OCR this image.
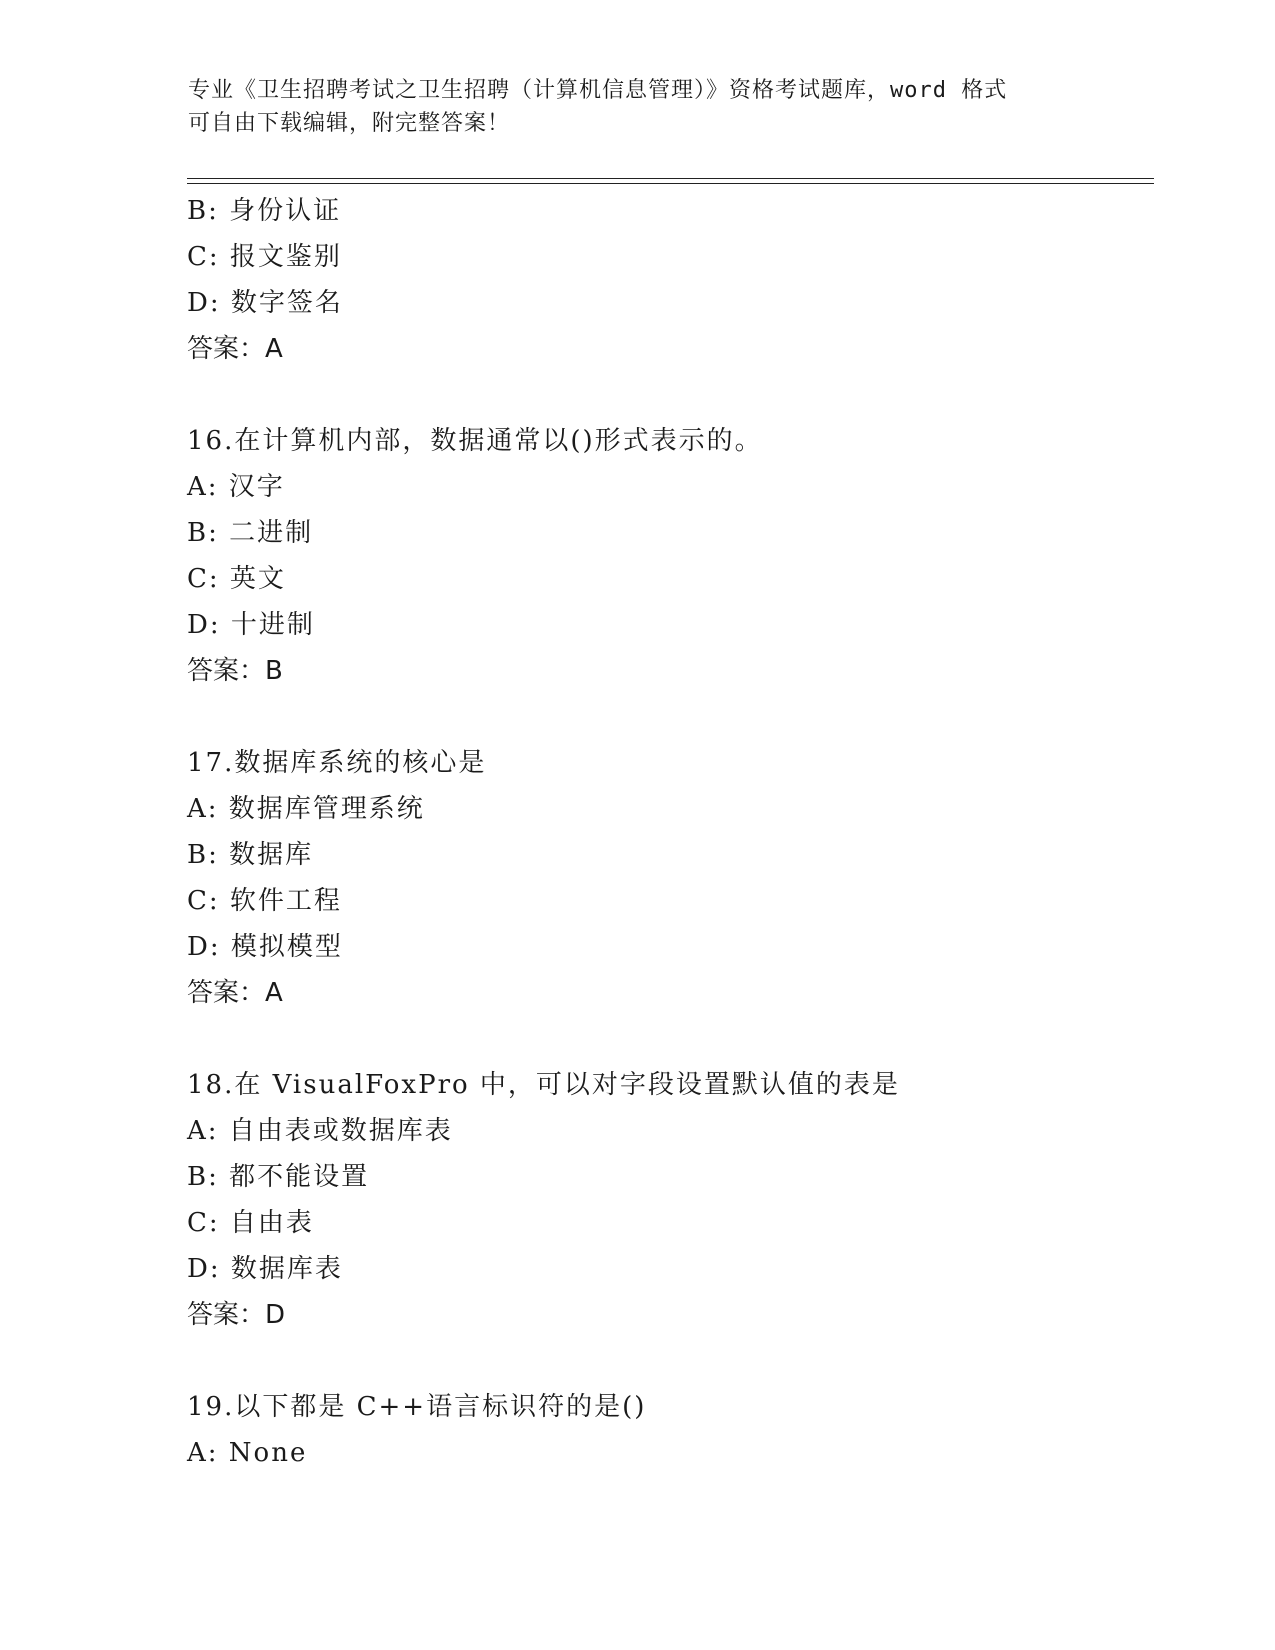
专业《卫生招聘考试之卫生招聘（计算机信息管理）》资格考试题库，word 格式
可自由下载编辑，附完整答案！
B: 身份认证
C: 报文鉴别
D: 数字签名
答案：A
16.在计算机内部，数据通常以()形式表示的。
A: 汉字
B: 二进制
C: 英文
D: 十进制
答案：B
17.数据库系统的核心是
A: 数据库管理系统
B: 数据库
C: 软件工程
D: 模拟模型
答案：A
18.在 VisualFoxPro 中，可以对字段设置默认值的表是
A: 自由表或数据库表
B: 都不能设置
C: 自由表
D: 数据库表
答案：D
19.以下都是 C++语言标识符的是()
A: None
